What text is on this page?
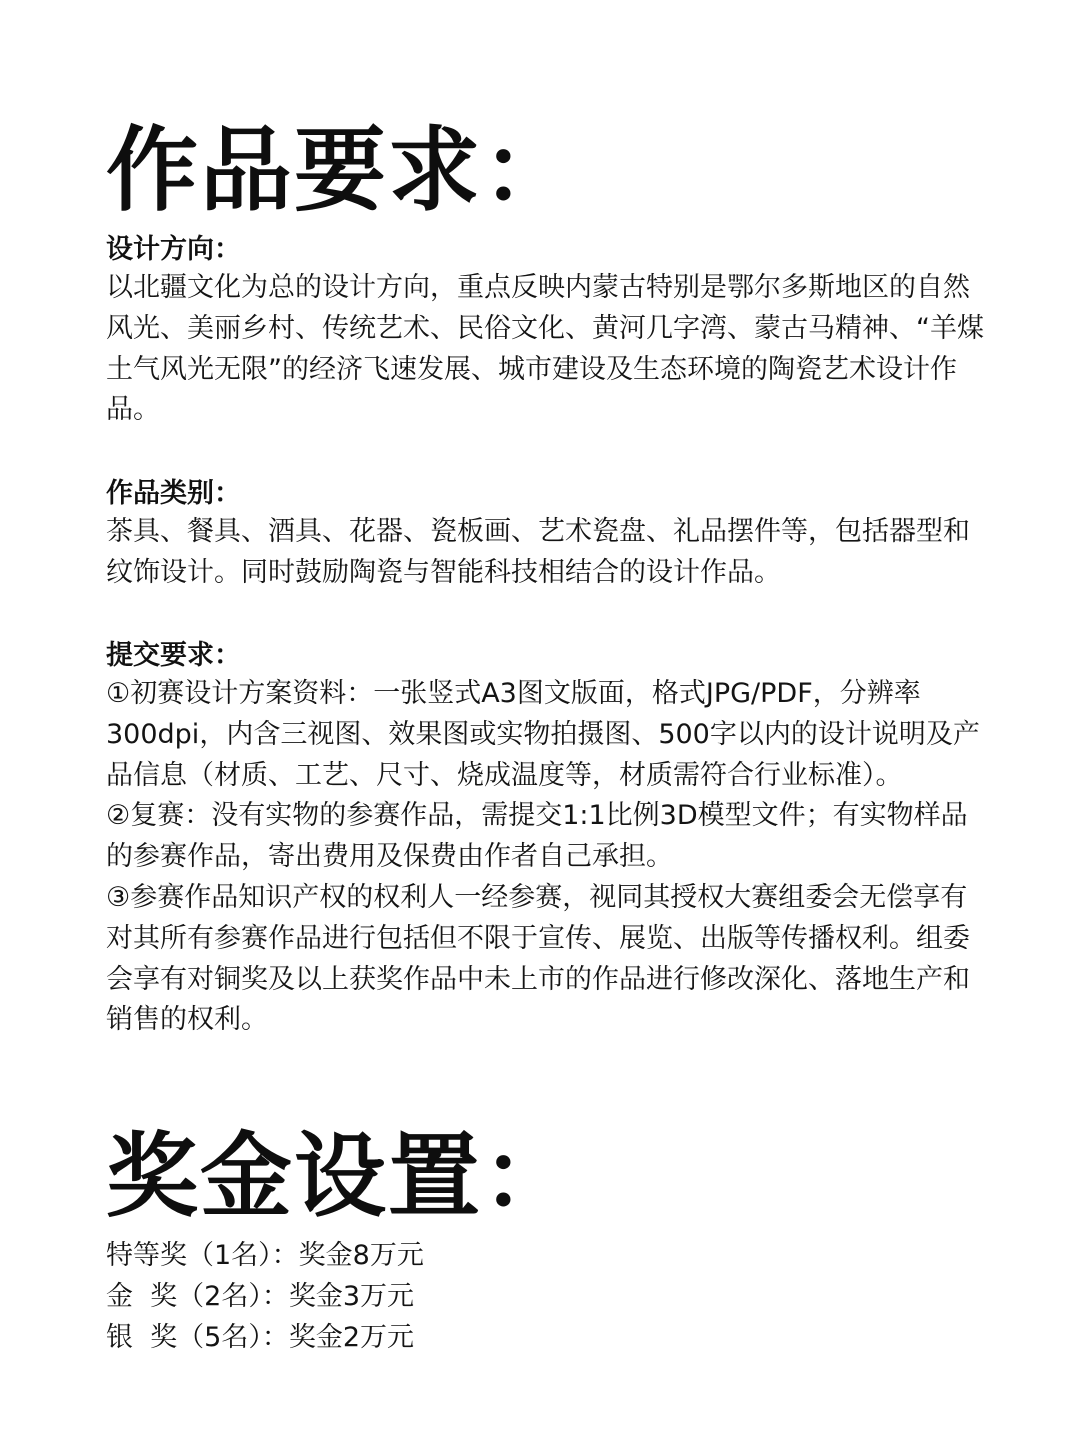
作品要求：
设计方向：

以北疆文化为总的设计方向，重点反映内蒙古特别是鄂尔多斯地区的自然风光、美丽乡村、传统艺术、民俗文化、黄河几字湾、蒙古马精神、“羊煤土气风光无限”的经济飞速发展、城市建设及生态环境的陶瓷艺术设计作品。

作品类别：

茶具、餐具、酒具、花器、瓷板画、艺术瓷盘、礼品摆件等，包括器型和纹饰设计。同时鼓励陶瓷与智能科技相结合的设计作品。

提交要求：
①初赛设计方案资料：一张竖式A3图文版面，格式JPG/PDF，分辨率300dpi，内含三视图、效果图或实物拍摄图、500字以内的设计说明及产品信息（材质、工艺、尺寸、烧成温度等，材质需符合行业标准）。
②复赛：没有实物的参赛作品，需提交1:1比例3D模型文件；有实物样品的参赛作品，寄出费用及保费由作者自己承担。
③参赛作品知识产权的权利人一经参赛，视同其授权大赛组委会无偿享有对其所有参赛作品进行包括但不限于宣传、展览、出版等传播权利。组委会享有对铜奖及以上获奖作品中未上市的作品进行修改深化、落地生产和销售的权利。
奖金设置：
特等奖（1名）：奖金8万元
金  奖（2名）：奖金3万元
银  奖（5名）：奖金2万元
